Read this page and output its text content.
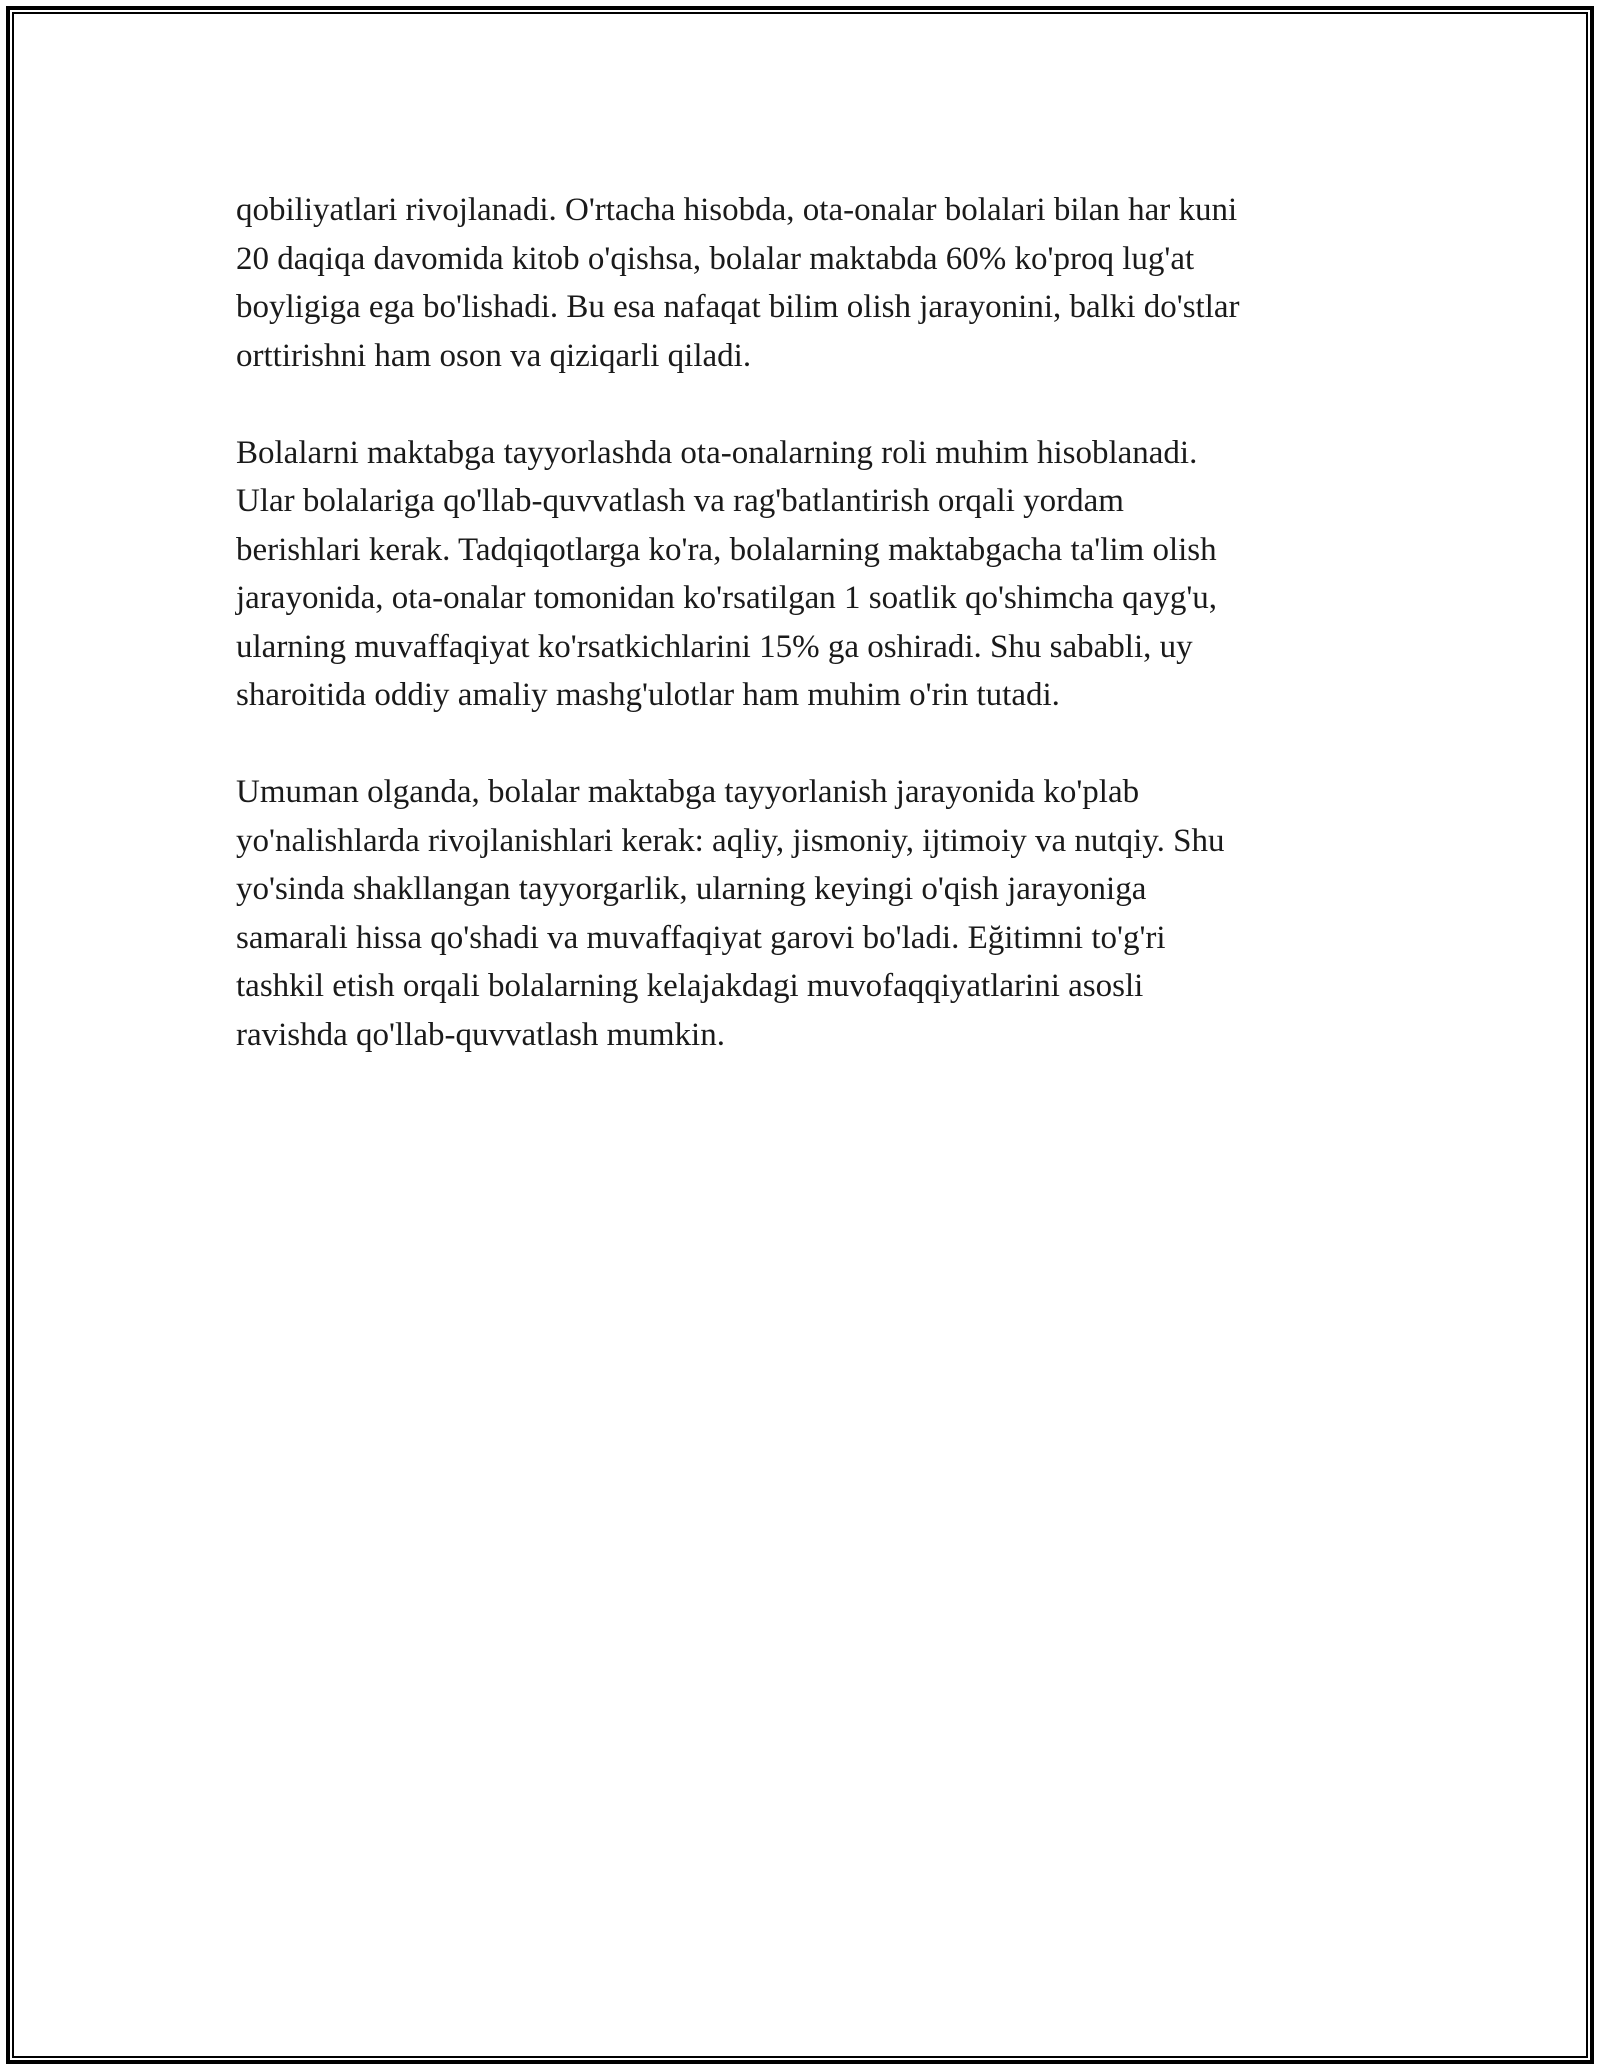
qobiliyatlari rivojlanadi. O'rtacha hisobda, ota-onalar bolalari bilan har kuni
20 daqiqa davomida kitob o'qishsa, bolalar maktabda 60% ko'proq lug'at
boyligiga ega bo'lishadi. Bu esa nafaqat bilim olish jarayonini, balki do'stlar
orttirishni ham oson va qiziqarli qiladi.

Bolalarni maktabga tayyorlashda ota-onalarning roli muhim hisoblanadi.
Ular bolalariga qo'llab-quvvatlash va rag'batlantirish orqali yordam
berishlari kerak. Tadqiqotlarga ko'ra, bolalarning maktabgacha ta'lim olish
jarayonida, ota-onalar tomonidan ko'rsatilgan 1 soatlik qo'shimcha qayg'u,
ularning muvaffaqiyat ko'rsatkichlarini 15% ga oshiradi. Shu sababli, uy
sharoitida oddiy amaliy mashg'ulotlar ham muhim o'rin tutadi.

Umuman olganda, bolalar maktabga tayyorlanish jarayonida ko'plab
yo'nalishlarda rivojlanishlari kerak: aqliy, jismoniy, ijtimoiy va nutqiy. Shu
yo'sinda shakllangan tayyorgarlik, ularning keyingi o'qish jarayoniga
samarali hissa qo'shadi va muvaffaqiyat garovi bo'ladi. Eğitimni to'g'ri
tashkil etish orqali bolalarning kelajakdagi muvofaqqiyatlarini asosli
ravishda qo'llab-quvvatlash mumkin.
